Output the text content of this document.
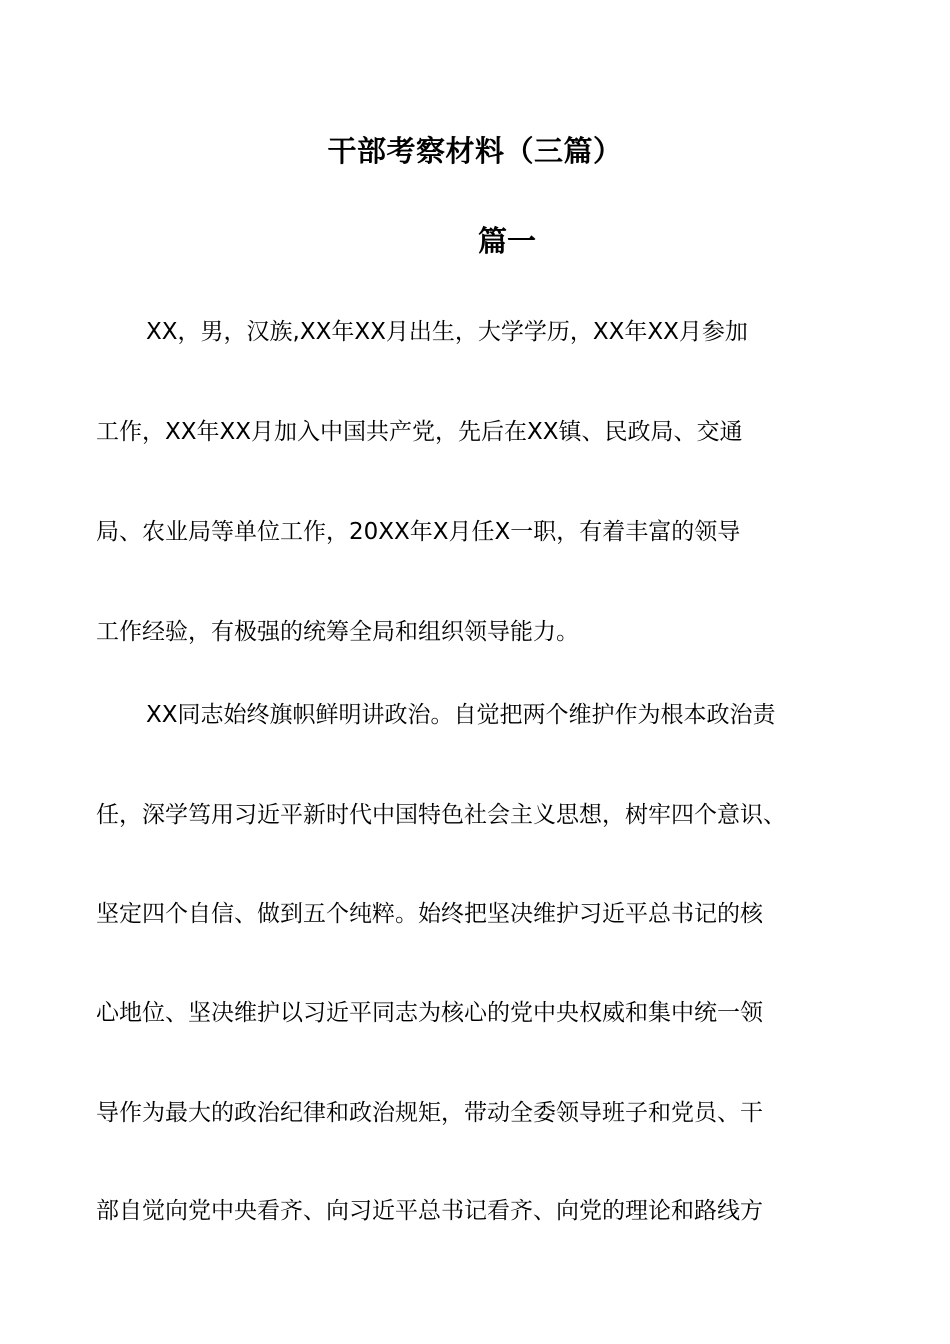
干部考察材料（三篇）
篇一
XX，男，汉族,XX年XX月出生，大学学历，XX年XX月参加
工作，XX年XX月加入中国共产党，先后在XX镇、民政局、交通
局、农业局等单位工作，20XX年X月任X一职，有着丰富的领导
工作经验，有极强的统筹全局和组织领导能力。
XX同志始终旗帜鲜明讲政治。自觉把两个维护作为根本政治责
任，深学笃用习近平新时代中国特色社会主义思想，树牢四个意识、
坚定四个自信、做到五个纯粹。始终把坚决维护习近平总书记的核
心地位、坚决维护以习近平同志为核心的党中央权威和集中统一领
导作为最大的政治纪律和政治规矩，带动全委领导班子和党员、干
部自觉向党中央看齐、向习近平总书记看齐、向党的理论和路线方
